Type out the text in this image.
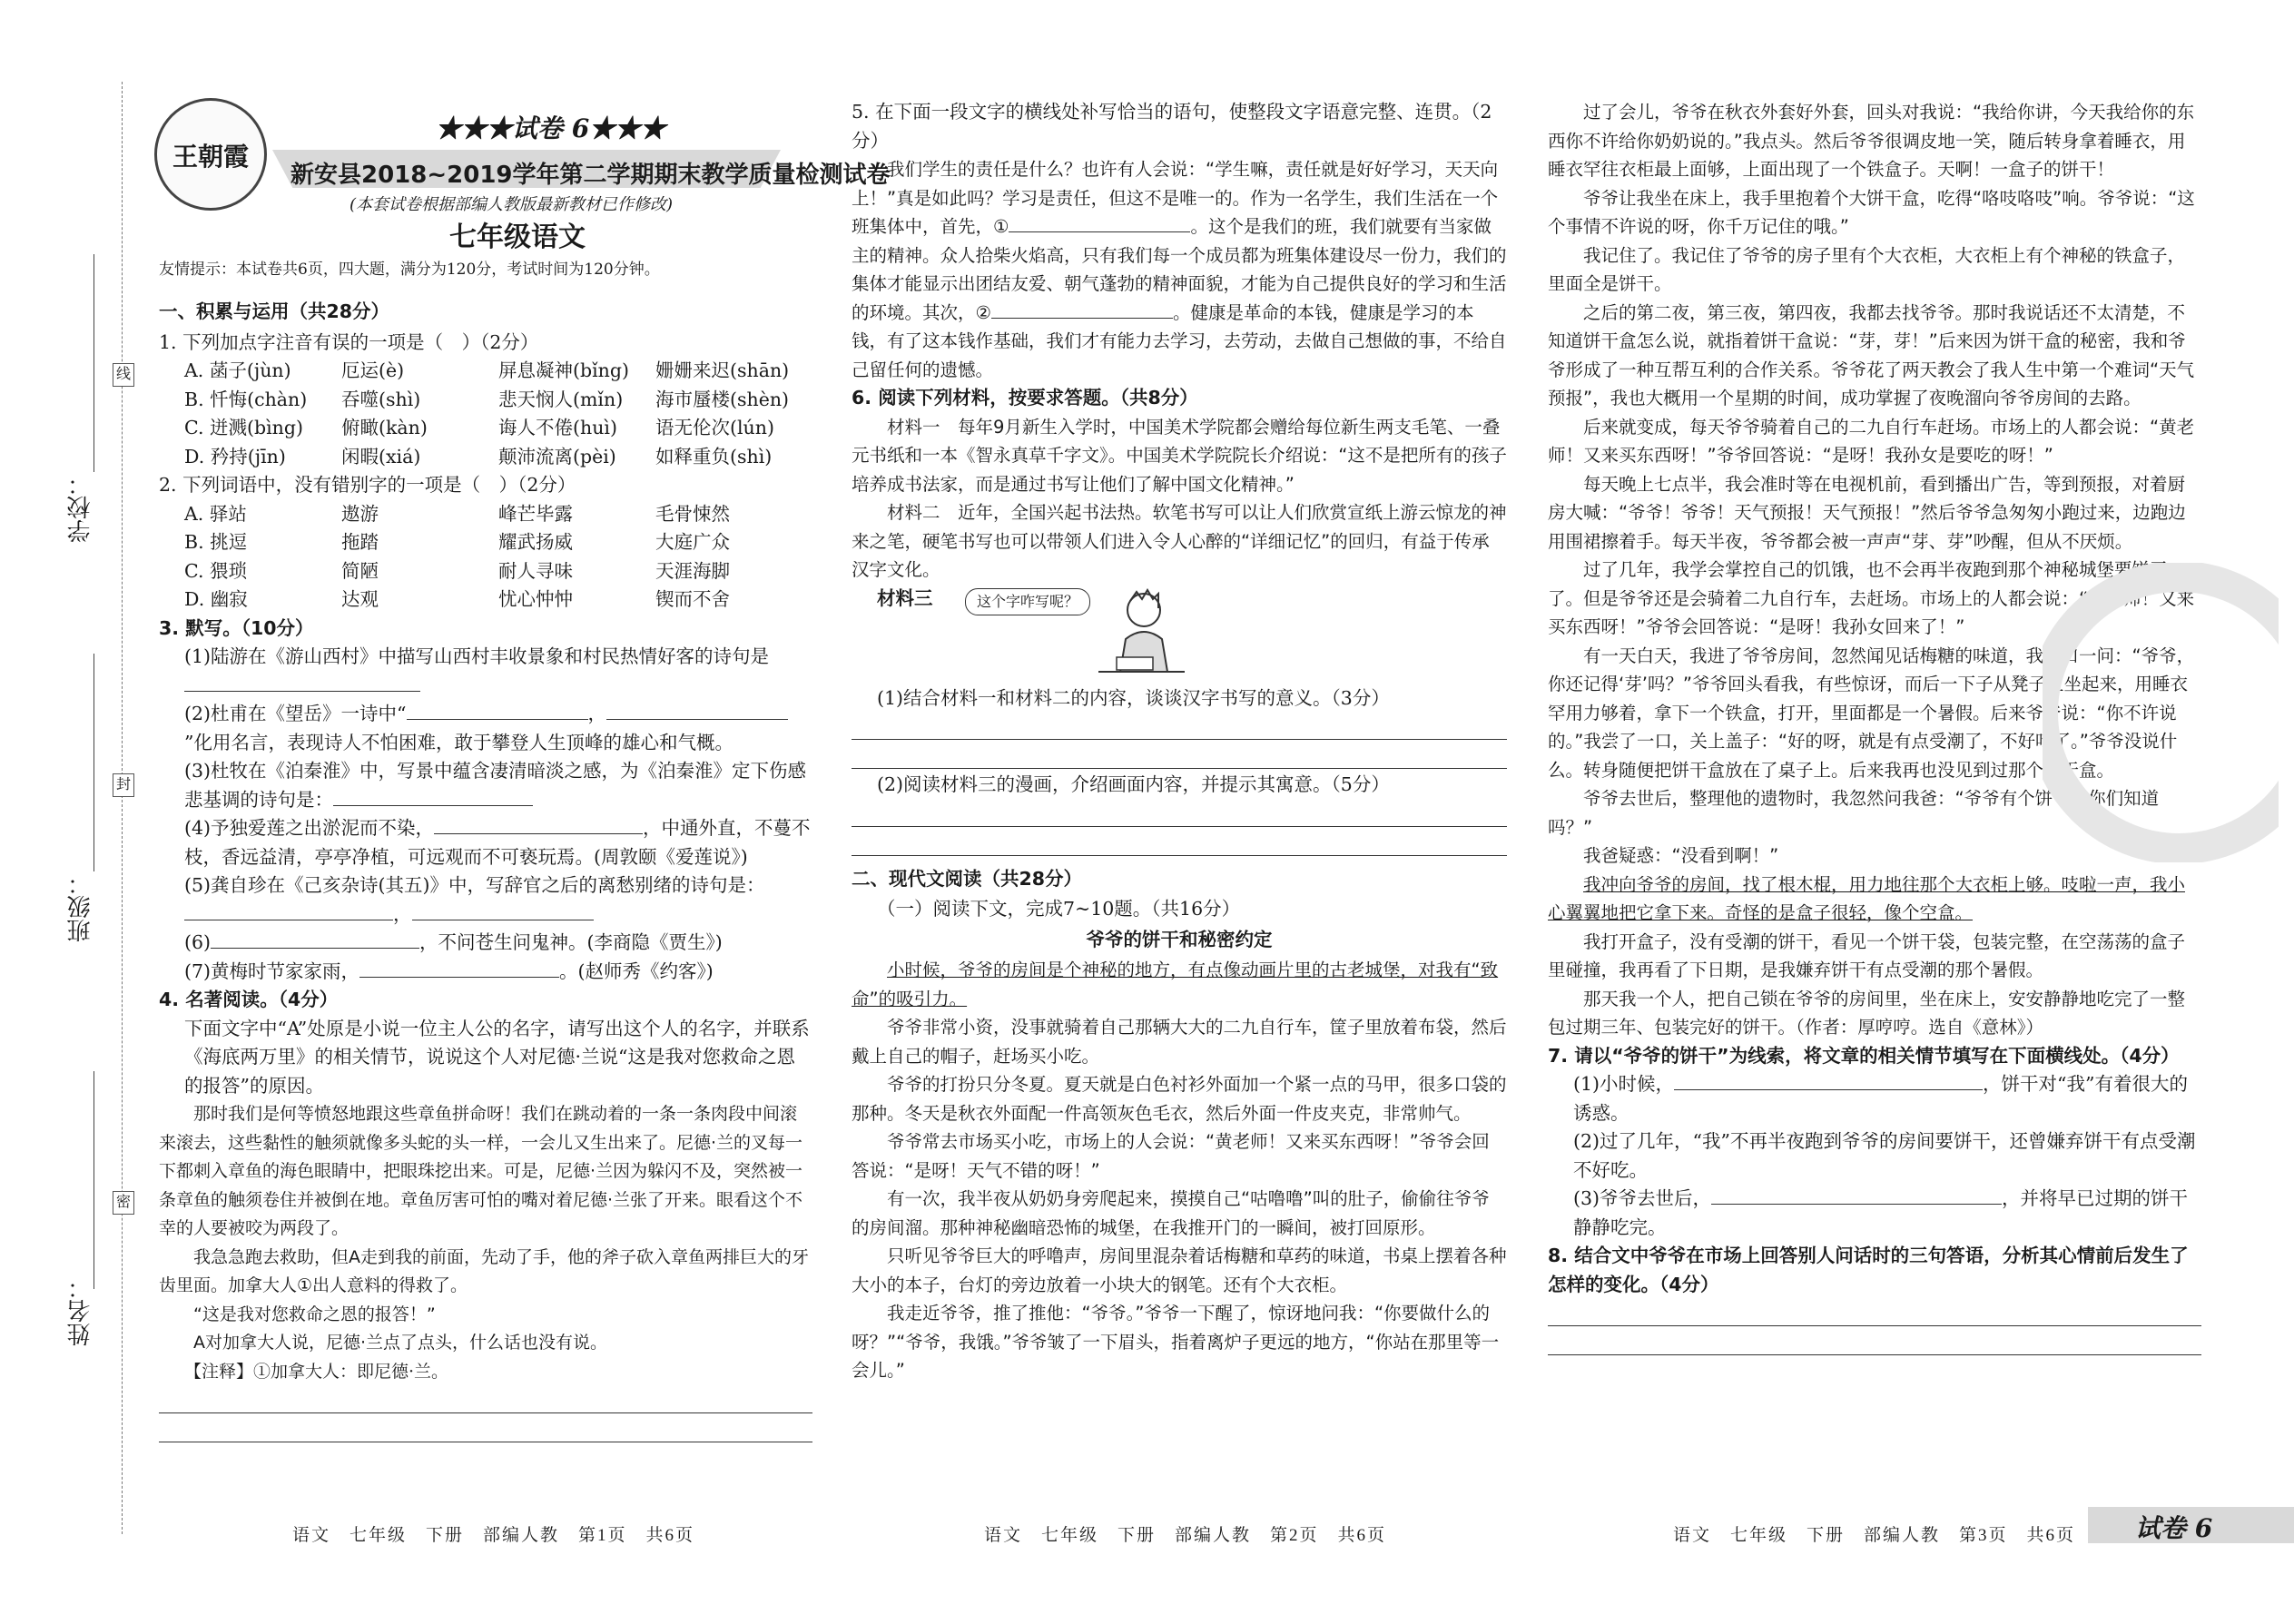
线
封
密
学校：
班级：
姓名：
王朝霞
★★★试卷 6★★★
新安县2018~2019学年第二学期期末教学质量检测试卷
(本套试卷根据部编人教版最新教材已作修改)
七年级语文
友情提示：本试卷共6页，四大题，满分为120分，考试时间为120分钟。

一、积累与运用（共28分）

1. 下列加点字注音有误的一项是（　）（2分）

A. 菡子(jùn)	厄运(è)	屏息凝神(bǐng)	姗姗来迟(shān)
B. 忏悔(chàn)	吞噬(shì)	悲天悯人(mǐn)	海市蜃楼(shèn)
C. 迸溅(bìng)	俯瞰(kàn)	诲人不倦(huì)	语无伦次(lún)
D. 矜持(jīn)	闲暇(xiá)	颠沛流离(pèi)	如释重负(shì)

2. 下列词语中，没有错别字的一项是（　）（2分）

A. 驿站	遨游	峰芒毕露	毛骨悚然
B. 挑逗	拖踏	耀武扬威	大庭广众
C. 猥琐	简陋	耐人寻味	天涯海脚
D. 幽寂	达观	忧心忡忡	锲而不舍

3. 默写。（10分）

(1)陆游在《游山西村》中描写山西村丰收景象和村民热情好客的诗句是

(2)杜甫在《望岳》一诗中“	，”化用名言，表现诗人不怕困难，敢于攀登人生顶峰的雄心和气概。

(3)杜牧在《泊秦淮》中，写景中蕴含凄清暗淡之感，为《泊秦淮》定下伤感悲基调的诗句是：

(4)予独爱莲之出淤泥而不染，	，中通外直，不蔓不枝，香远益清，亭亭净植，可远观而不可亵玩焉。(周敦颐《爱莲说》)

(5)龚自珍在《己亥杂诗(其五)》中，写辞官之后的离愁别绪的诗句是：，

(6)	，不问苍生问鬼神。(李商隐《贾生》)

(7)黄梅时节家家雨，	。(赵师秀《约客》)

4. 名著阅读。（4分）

下面文字中“A”处原是小说一位主人公的名字，请写出这个人的名字，并联系《海底两万里》的相关情节，说说这个人对尼德·兰说“这是我对您救命之恩的报答”的原因。

那时我们是何等愤怒地跟这些章鱼拼命呀！我们在跳动着的一条一条肉段中间滚来滚去，这些黏性的触须就像多头蛇的头一样，一会儿又生出来了。尼德·兰的叉每一下都刺入章鱼的海色眼睛中，把眼珠挖出来。可是，尼德·兰因为躲闪不及，突然被一条章鱼的触须卷住并被倒在地。章鱼厉害可怕的嘴对着尼德·兰张了开来。眼看这个不幸的人要被咬为两段了。

我急急跑去救助，但A走到我的前面，先动了手，他的斧子砍入章鱼两排巨大的牙齿里面。加拿大人①出人意料的得救了。

“这是我对您救命之恩的报答！”

A对加拿大人说，尼德·兰点了点头，什么话也没有说。

【注释】①加拿大人：即尼德·兰。

5. 在下面一段文字的横线处补写恰当的语句，使整段文字语意完整、连贯。（2分）

我们学生的责任是什么？也许有人会说：“学生嘛，责任就是好好学习，天天向上！”真是如此吗？学习是责任，但这不是唯一的。作为一名学生，我们生活在一个班集体中，首先，①	。这个是我们的班，我们就要有当家做主的精神。众人拾柴火焰高，只有我们每一个成员都为班集体建设尽一份力，我们的集体才能显示出团结友爱、朝气蓬勃的精神面貌，才能为自己提供良好的学习和生活的环境。其次，②	。健康是革命的本钱，健康是学习的本钱，有了这本钱作基础，我们才有能力去学习，去劳动，去做自己想做的事，不给自己留任何的遗憾。

6. 阅读下列材料，按要求答题。（共8分）

材料一　每年9月新生入学时，中国美术学院都会赠给每位新生两支毛笔、一叠元书纸和一本《智永真草千字文》。中国美术学院院长介绍说：“这不是把所有的孩子培养成书法家，而是通过书写让他们了解中国文化精神。”

材料二　近年，全国兴起书法热。软笔书写可以让人们欣赏宣纸上游云惊龙的神来之笔，硬笔书写也可以带领人们进入令人心醉的“详细记忆”的回归，有益于传承汉字文化。

材料三	这个字咋写呢？

(1)结合材料一和材料二的内容，谈谈汉字书写的意义。（3分）

(2)阅读材料三的漫画，介绍画面内容，并提示其寓意。（5分）

二、现代文阅读（共28分）

（一）阅读下文，完成7~10题。（共16分）

爷爷的饼干和秘密约定

小时候，爷爷的房间是个神秘的地方，有点像动画片里的古老城堡，对我有“致命”的吸引力。

爷爷非常小资，没事就骑着自己那辆大大的二九自行车，筐子里放着布袋，然后戴上自己的帽子，赶场买小吃。

爷爷的打扮只分冬夏。夏天就是白色衬衫外面加一个紧一点的马甲，很多口袋的那种。冬天是秋衣外面配一件高领灰色毛衣，然后外面一件皮夹克，非常帅气。

爷爷常去市场买小吃，市场上的人会说：“黄老师！又来买东西呀！”爷爷会回答说：“是呀！天气不错的呀！”

有一次，我半夜从奶奶身旁爬起来，摸摸自己“咕噜噜”叫的肚子，偷偷往爷爷的房间溜。那种神秘幽暗恐怖的城堡，在我推开门的一瞬间，被打回原形。

只听见爷爷巨大的呼噜声，房间里混杂着话梅糖和草药的味道，书桌上摆着各种大小的本子，台灯的旁边放着一小块大的钢笔。还有个大衣柜。

我走近爷爷，推了推他：“爷爷。”爷爷一下醒了，惊讶地问我：“你要做什么的呀？”“爷爷，我饿。”爷爷皱了一下眉头，指着离炉子更远的地方，“你站在那里等一会儿。”

过了会儿，爷爷在秋衣外套好外套，回头对我说：“我给你讲，今天我给你的东西你不许给你奶奶说的。”我点头。然后爷爷很调皮地一笑，随后转身拿着睡衣，用睡衣罕往衣柜最上面够，上面出现了一个铁盒子。天啊！一盒子的饼干！

爷爷让我坐在床上，我手里抱着个大饼干盒，吃得“咯吱咯吱”响。爷爷说：“这个事情不许说的呀，你千万记住的哦。”

我记住了。我记住了爷爷的房子里有个大衣柜，大衣柜上有个神秘的铁盒子，里面全是饼干。

之后的第二夜，第三夜，第四夜，我都去找爷爷。那时我说话还不太清楚，不知道饼干盒怎么说，就指着饼干盒说：“芽，芽！”后来因为饼干盒的秘密，我和爷爷形成了一种互帮互利的合作关系。爷爷花了两天教会了我人生中第一个难词“天气预报”，我也大概用一个星期的时间，成功掌握了夜晚溜向爷爷房间的去路。

后来就变成，每天爷爷骑着自己的二九自行车赶场。市场上的人都会说：“黄老师！又来买东西呀！”爷爷回答说：“是呀！我孙女是要吃的呀！”

每天晚上七点半，我会准时等在电视机前，看到播出广告，等到预报，对着厨房大喊：“爷爷！爷爷！天气预报！天气预报！”然后爷爷急匆匆小跑过来，边跑边用围裙擦着手。每天半夜，爷爷都会被一声声“芽、芽”吵醒，但从不厌烦。

过了几年，我学会掌控自己的饥饿，也不会再半夜跑到那个神秘城堡要饼干了。但是爷爷还是会骑着二九自行车，去赶场。市场上的人都会说：“黄老师！又来买东西呀！”爷爷会回答说：“是呀！我孙女回来了！”

有一天白天，我进了爷爷房间，忽然闻见话梅糖的味道，我随口一问：“爷爷，你还记得‘芽’吗？”爷爷回头看我，有些惊讶，而后一下子从凳子上坐起来，用睡衣罕用力够着，拿下一个铁盒，打开，里面都是一个暑假。后来爷爷说：“你不许说的。”我尝了一口，关上盖子：“好的呀，就是有点受潮了，不好吃了。”爷爷没说什么。转身随便把饼干盒放在了桌子上。后来我再也没见到过那个饼干盒。

爷爷去世后，整理他的遗物时，我忽然问我爸：“爷爷有个饼干盒你们知道吗？”

我爸疑惑：“没看到啊！”

我冲向爷爷的房间，找了根木棍，用力地往那个大衣柜上够。吱啦一声，我小心翼翼地把它拿下来。奇怪的是盒子很轻，像个空盒。

我打开盒子，没有受潮的饼干，看见一个饼干袋，包装完整，在空荡荡的盒子里碰撞，我再看了下日期，是我嫌弃饼干有点受潮的那个暑假。

那天我一个人，把自己锁在爷爷的房间里，坐在床上，安安静静地吃完了一整包过期三年、包装完好的饼干。（作者：厚哼哼。选自《意林》）

7. 请以“爷爷的饼干”为线索，将文章的相关情节填写在下面横线处。（4分）

(1)小时候，	，饼干对“我”有着很大的诱惑。

(2)过了几年，“我”不再半夜跑到爷爷的房间要饼干，还曾嫌弃饼干有点受潮不好吃。

(3)爷爷去世后，	，并将早已过期的饼干静静吃完。

8. 结合文中爷爷在市场上回答别人问话时的三句答语，分析其心情前后发生了怎样的变化。（4分）

语文　七年级　下册　部编人教　第1页　共6页	语文　七年级　下册　部编人教　第2页　共6页	语文　七年级　下册　部编人教　第3页　共6页 试卷 6
